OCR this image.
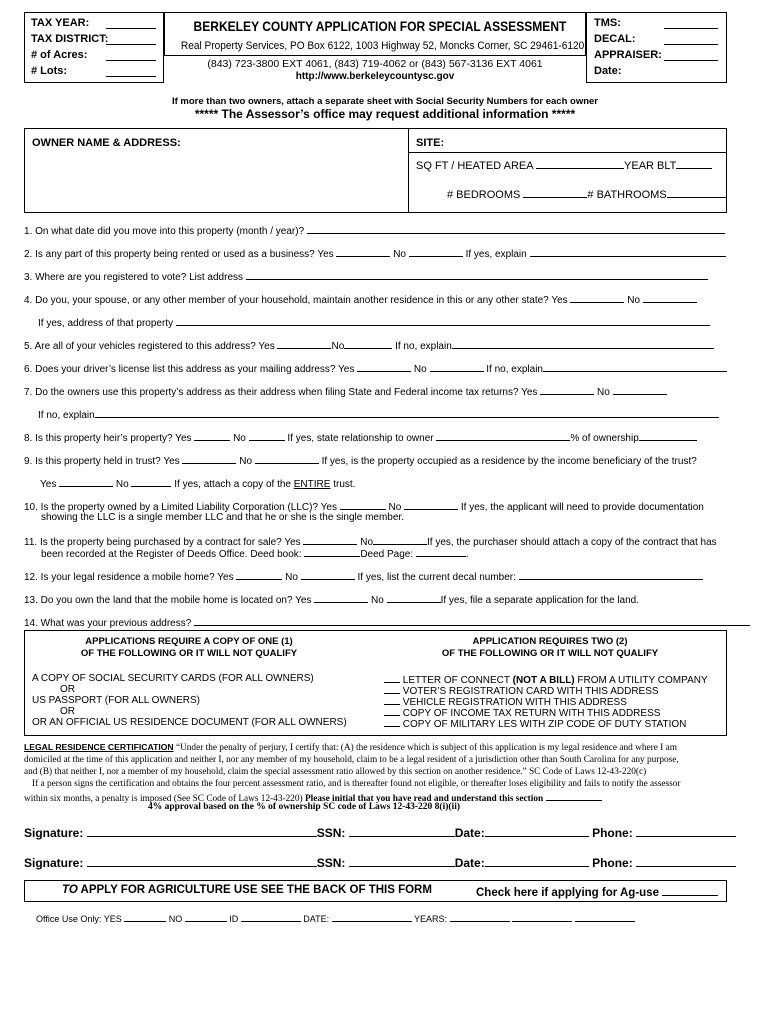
TAX YEAR:
TAX DISTRICT:
# of Acres:
# Lots:
BERKELEY COUNTY APPLICATION FOR SPECIAL ASSESSMENT
Real Property Services, PO Box 6122, 1003 Highway 52, Moncks Corner, SC 29461-6120
(843) 723-3800 EXT 4061, (843) 719-4062 or (843) 567-3136 EXT 4061
http://www.berkeleycountysc.gov
TMS:
DECAL:
APPRAISER:
Date:
If more than two owners, attach a separate sheet with Social Security Numbers for each owner
***** The Assessor’s office may request additional information *****
OWNER NAME & ADDRESS:	SITE:
SQ FT / HEATED AREA	YEAR BLT
# BEDROOMS	# BATHROOMS
1. On what date did you move into this property (month / year)?
2. Is any part of this property being rented or used as a business? Yes	No	If yes, explain
3. Where are you registered to vote? List address
4. Do you, your spouse, or any other member of your household, maintain another residence in this or any other state? Yes	No
If yes, address of that property
5. Are all of your vehicles registered to this address? Yes	No	If no, explain
6. Does your driver’s license list this address as your mailing address? Yes	No	If no, explain
7. Do the owners use this property’s address as their address when filing State and Federal income tax returns? Yes	No
If no, explain
8. Is this property heir’s property? Yes	No	If yes, state relationship to owner	% of ownership
9. Is this property held in trust? Yes	No	If yes, is the property occupied as a residence by the income beneficiary of the trust?
Yes	No	If yes, attach a copy of the ENTIRE trust.
10. Is the property owned by a Limited Liability Corporation (LLC)? Yes	No	If yes, the applicant will need to provide documentation
showing the LLC is a single member LLC and that he or she is the single member.
11. Is the property being purchased by a contract for sale? Yes	No	If yes, the purchaser should attach a copy of the contract that has
been recorded at the Register of Deeds Office. Deed book:	Deed Page:	.
12. Is your legal residence a mobile home? Yes	No	If yes, list the current decal number:
13. Do you own the land that the mobile home is located on? Yes	No	If yes, file a separate application for the land.
14. What was your previous address?
APPLICATIONS REQUIRE A COPY OF ONE (1)
OF THE FOLLOWING OR IT WILL NOT QUALIFY
APPLICATION REQUIRES TWO (2)
OF THE FOLLOWING OR IT WILL NOT QUALIFY
A COPY OF SOCIAL SECURITY CARDS (FOR ALL OWNERS)
OR
US PASSPORT (FOR ALL OWNERS)
OR
OR AN OFFICIAL US RESIDENCE DOCUMENT (FOR ALL OWNERS)
LETTER OF CONNECT (NOT A BILL) FROM A UTILITY COMPANY
VOTER’S REGISTRATION CARD WITH THIS ADDRESS
VEHICLE REGISTRATION WITH THIS ADDRESS
COPY OF INCOME TAX RETURN WITH THIS ADDRESS
COPY OF MILITARY LES WITH ZIP CODE OF DUTY STATION
LEGAL RESIDENCE CERTIFICATION “Under the penalty of perjury, I certify that: (A) the residence which is subject of this application is my legal residence and where I am
domiciled at the time of this application and neither I, nor any member of my household, claim to be a legal resident of a jurisdiction other than South Carolina for any purpose,
and (B) that neither I, nor a member of my household, claim the special assessment ratio allowed by this section on another residence.” SC Code of Laws 12-43-220(c)
If a person signs the certification and obtains the four percent assessment ratio, and is thereafter found not eligible, or thereafter loses eligibility and fails to notify the assessor
within six months, a penalty is imposed (See SC Code of Laws 12-43-220) Please initial that you have read and understand this section
4% approval based on the % of ownership SC code of Laws 12-43-220 8(i)(ii)
Signature:	SSN:	Date:	Phone:
Signature:	SSN:	Date:	Phone:
TO APPLY FOR AGRICULTURE USE SEE THE BACK OF THIS FORM	Check here if applying for Ag-use
Office Use Only: YES	NO	ID	DATE:	YEARS:
